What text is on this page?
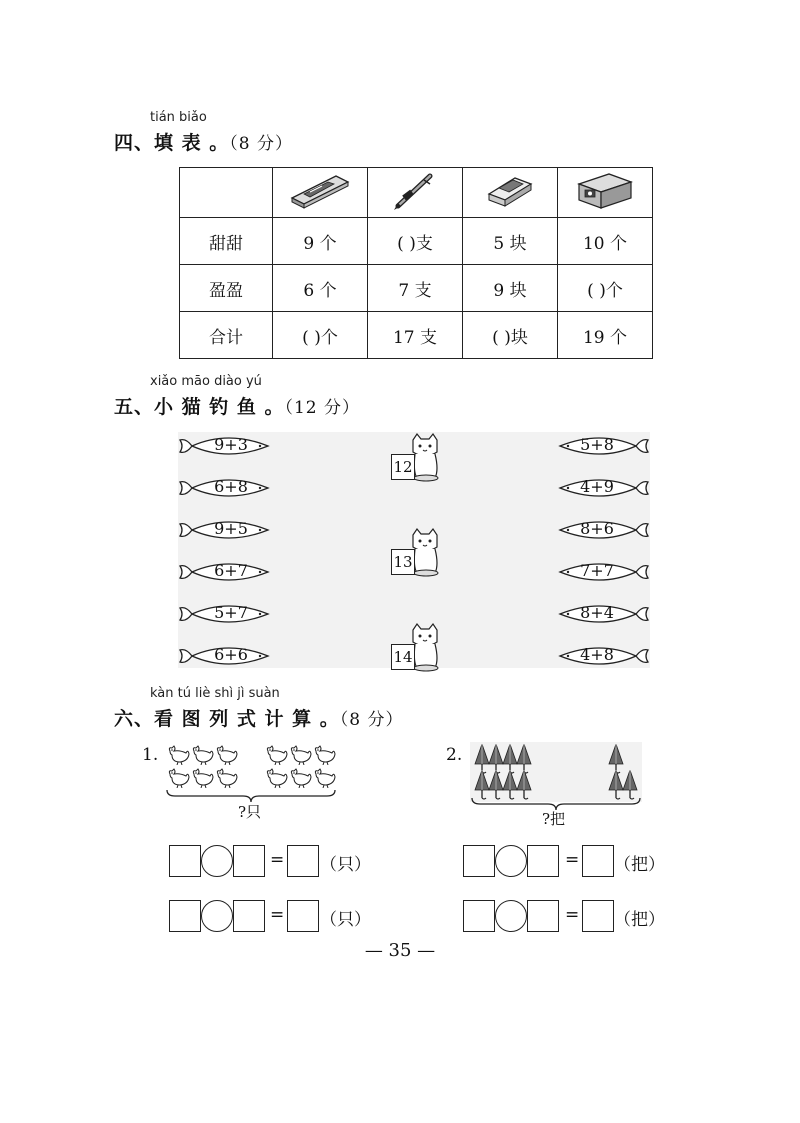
tián biǎo
四、填 表 。（8 分）

甜甜	9 个	( )支	5 块	10 个
盈盈	6 个	7 支	9 块	( )个
合计	( )个	17 支	( )块	19 个
xiǎo māo diào yú
五、小 猫 钓 鱼 。（12 分）
9+3	5+8
6+8	4+9
9+5	8+6
6+7	7+7
5+7	8+4
6+6	4+8
12
13
14
kàn tú liè shì jì suàn
六、看 图 列 式 计 算 。（8 分）
1.
?只
2.
?把
= （只）
= （只）
= （把）
= （把）
— 35 —
